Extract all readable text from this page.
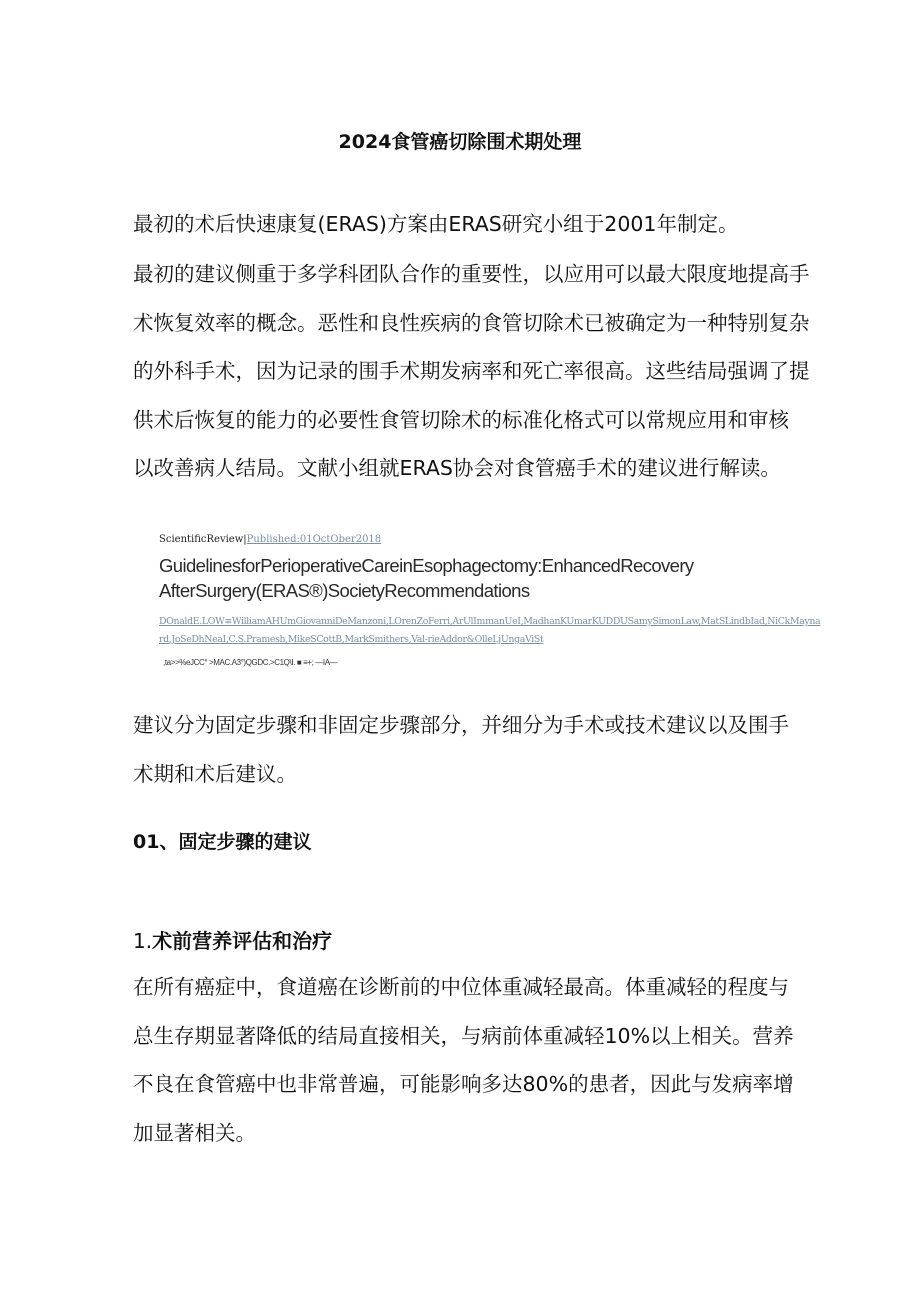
2024食管癌切除围术期处理

最初的术后快速康复(ERAS)方案由ERAS研究小组于2001年制定。

最初的建议侧重于多学科团队合作的重要性，以应用可以最大限度地提高手
术恢复效率的概念。恶性和良性疾病的食管切除术已被确定为一种特别复杂
的外科手术，因为记录的围手术期发病率和死亡率很高。这些结局强调了提
供术后恢复的能力的必要性食管切除术的标准化格式可以常规应用和审核
以改善病人结局。文献小组就ERAS协会对食管癌手术的建议进行解读。

ScientificReview|Published:01OctOber2018
GuidelinesforPerioperativeCareinEsophagectomy:EnhancedRecovery
AfterSurgery(ERAS®)SocietyRecommendations
DOnaldE.LOW≡WilliamAHUmGiovanniDeManzoni,LOrenZoFerri,ArUlImmanUeI,MadhanKUmarKUDDUSamySimonLaw,MatSLindbIad,NiCkMayna
rd,JoSeDhNeaI,C.S.Pramesh,MikeSCottB,MarkSmithers,Val-rieAddor&OlleLjUngaViSt
,ta>>%eJCC° >MAC.A3°)QGDC.>C1Q\Ⅰ. ■ ≡+; —IA—

建议分为固定步骤和非固定步骤部分，并细分为手术或技术建议以及围手
术期和术后建议。

01、固定步骤的建议
1.术前营养评估和治疗

在所有癌症中，食道癌在诊断前的中位体重减轻最高。体重减轻的程度与
总生存期显著降低的结局直接相关，与病前体重减轻10%以上相关。营养
不良在食管癌中也非常普遍，可能影响多达80%的患者，因此与发病率增
加显著相关。
